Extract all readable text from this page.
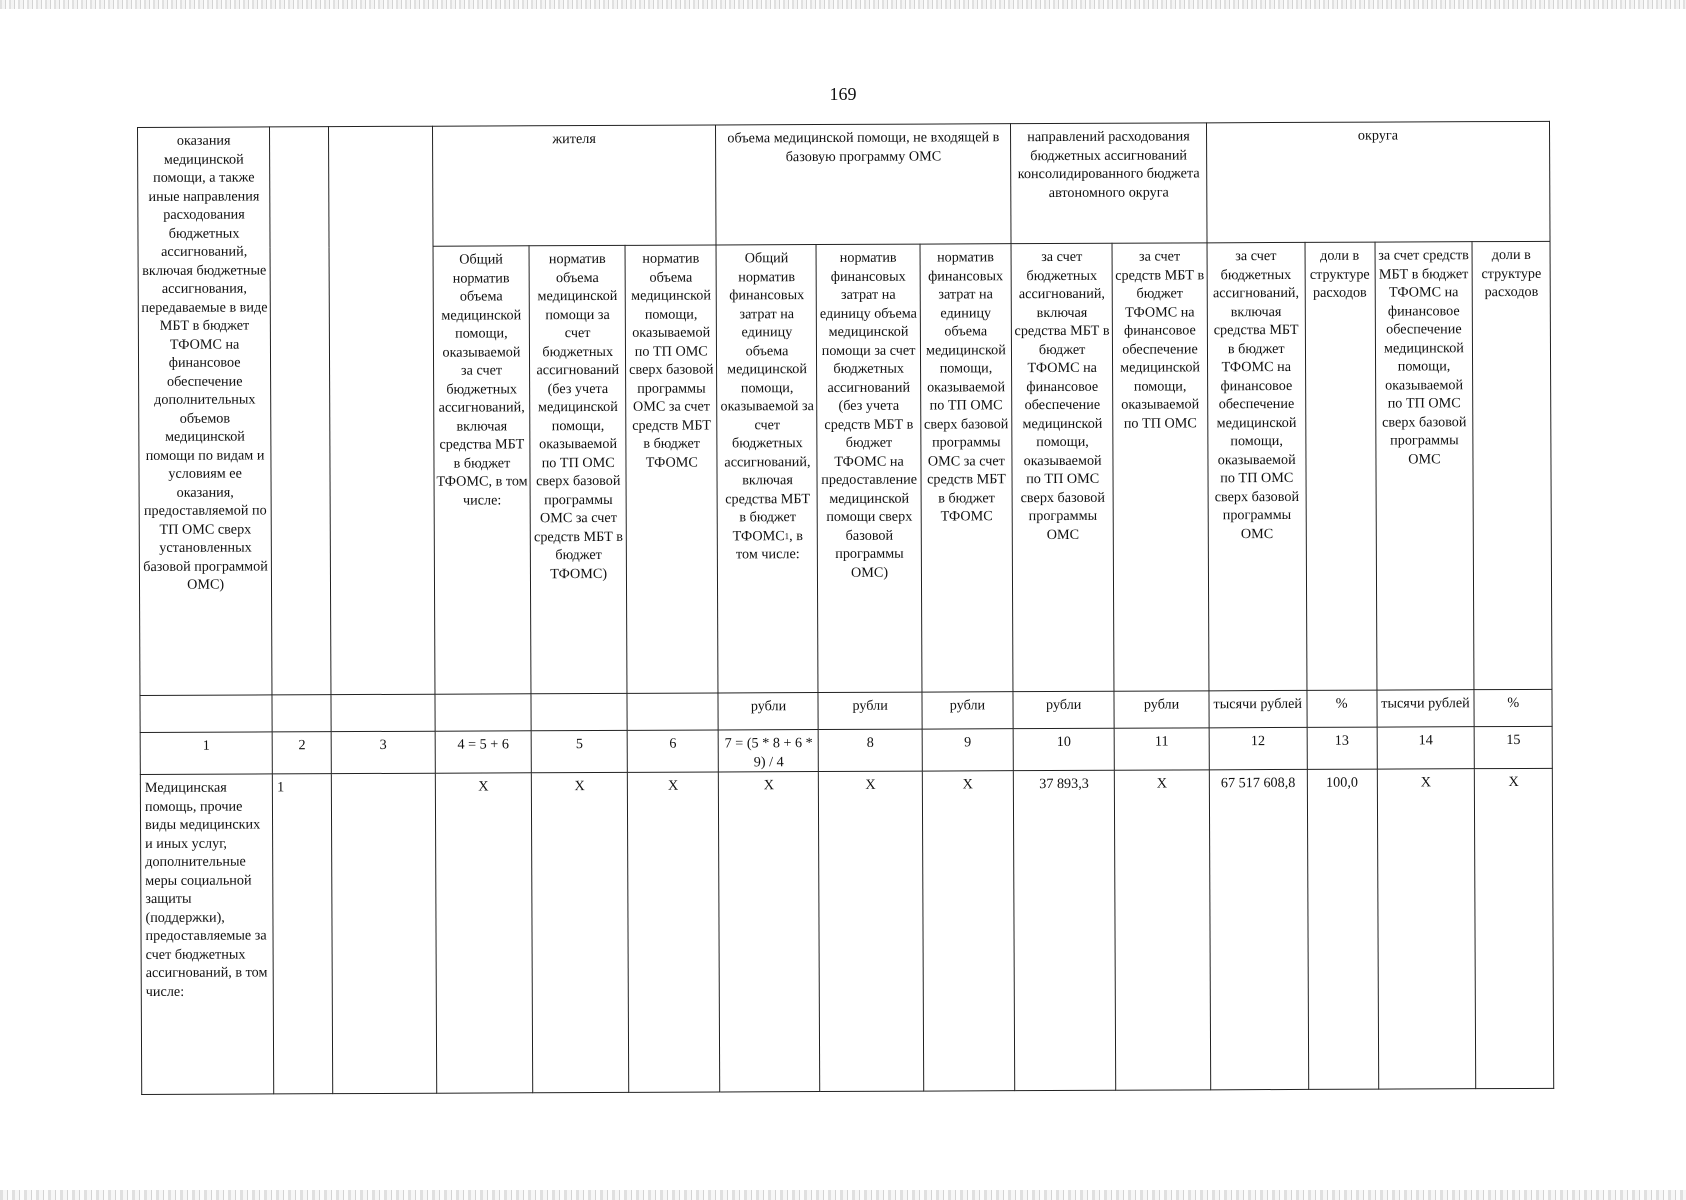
169
оказания медицинской помощи, а также иные направления расходования бюджетных ассигнований, включая бюджетные ассигнования, передаваемые в виде МБТ в бюджет ТФОМС на финансовое обеспечение дополнительных объемов медицинской помощи по видам и условиям ее оказания, предоставляемой по ТП ОМС сверх установленных базовой программой ОМС)			жителя			объема медицинской помощи, не входящей в базовую программу ОМС			направлений расходования бюджетных ассигнований консолидированного бюджета автономного округа		округа			
			Общий норматив объема медицинской помощи, оказываемой за счет бюджетных ассигнований, включая средства МБТ в бюджет ТФОМС, в том числе:	норматив объема медицинской помощи за счет бюджетных ассигнований (без учета медицинской помощи, оказываемой по ТП ОМС сверх базовой программы ОМС за счет средств МБТ в бюджет ТФОМС)	норматив объема медицинской помощи, оказываемой по ТП ОМС сверх базовой программы ОМС за счет средств МБТ в бюджет ТФОМС	Общий норматив финансовых затрат на единицу объема медицинской помощи, оказываемой за счет бюджетных ассигнований, включая средства МБТ в бюджет ТФОМС$^1$, в том числе:	норматив финансовых затрат на единицу объема медицинской помощи за счет бюджетных ассигнований (без учета средств МБТ в бюджет ТФОМС на предоставление медицинской помощи сверх базовой программы ОМС)	норматив финансовых затрат на единицу объема медицинской помощи, оказываемой по ТП ОМС сверх базовой программы ОМС за счет средств МБТ в бюджет ТФОМС	за счет бюджетных ассигнований, включая средства МБТ в бюджет ТФОМС на финансовое обеспечение медицинской помощи, оказываемой по ТП ОМС сверх базовой программы ОМС	за счет средств МБТ в бюджет ТФОМС на финансовое обеспечение медицинской помощи, оказываемой по ТП ОМС	за счет бюджетных ассигнований, включая средства МБТ в бюджет ТФОМС на финансовое обеспечение медицинской помощи, оказываемой по ТП ОМС сверх базовой программы ОМС	доли в структуре расходов	за счет средств МБТ в бюджет ТФОМС на финансовое обеспечение медицинской помощи, оказываемой по ТП ОМС сверх базовой программы ОМС	доли в структуре расходов
						рубли	рубли	рубли	рубли	рубли	тысячи рублей	%	тысячи рублей	%
1	2	3	4 = 5 + 6	5	6	7 = (5 * 8 + 6 * 9) / 4	8	9	10	11	12	13	14	15
Медицинская помощь, прочие виды медицинских и иных услуг, дополнительные меры социальной защиты (поддержки), предоставляемые за счет бюджетных ассигнований, в том числе:	1		Х	Х	Х	Х	Х	Х	37 893,3	Х	67 517 608,8	100,0	Х	Х
